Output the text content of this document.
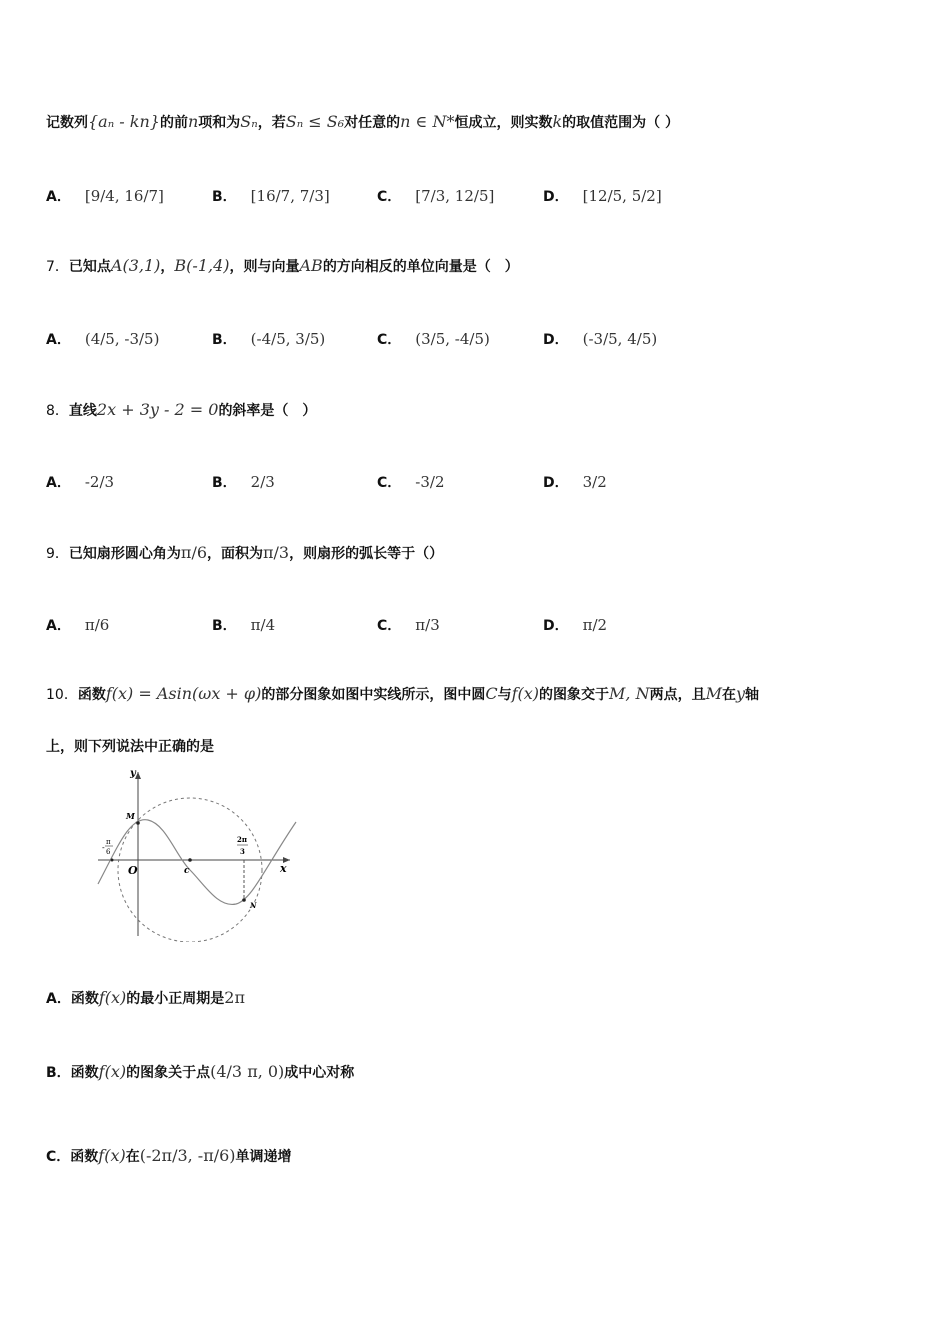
记数列{aₙ - kn}的前n项和为Sₙ，若Sₙ ≤ S₆对任意的n ∈ N*恒成立，则实数k的取值范围为（ ）
A． [9/4, 16/7]	B． [16/7, 7/3]	C． [7/3, 12/5]	D． [12/5, 5/2]
7．已知点A(3,1)，B(-1,4)，则与向量AB的方向相反的单位向量是（　）
A． (4/5, -3/5)	B． (-4/5, 3/5)	C． (3/5, -4/5)	D． (-3/5, 4/5)
8．直线2x + 3y - 2 = 0的斜率是（　）
A． -2/3	B． 2/3	C． -3/2	D． 3/2
9．已知扇形圆心角为π/6，面积为π/3，则扇形的弧长等于（）
A． π/6	B． π/4	C． π/3	D． π/2
10．函数f(x) = Asin(ωx + φ)的部分图象如图中实线所示，图中圆C与f(x)的图象交于M, N两点，且M在y轴
上，则下列说法中正确的是
y
x
O
M
N
c
-
π
6
2π
3
A．函数f(x)的最小正周期是2π
B．函数f(x)的图象关于点(4/3 π, 0)成中心对称
C．函数f(x)在(-2π/3, -π/6)单调递增
